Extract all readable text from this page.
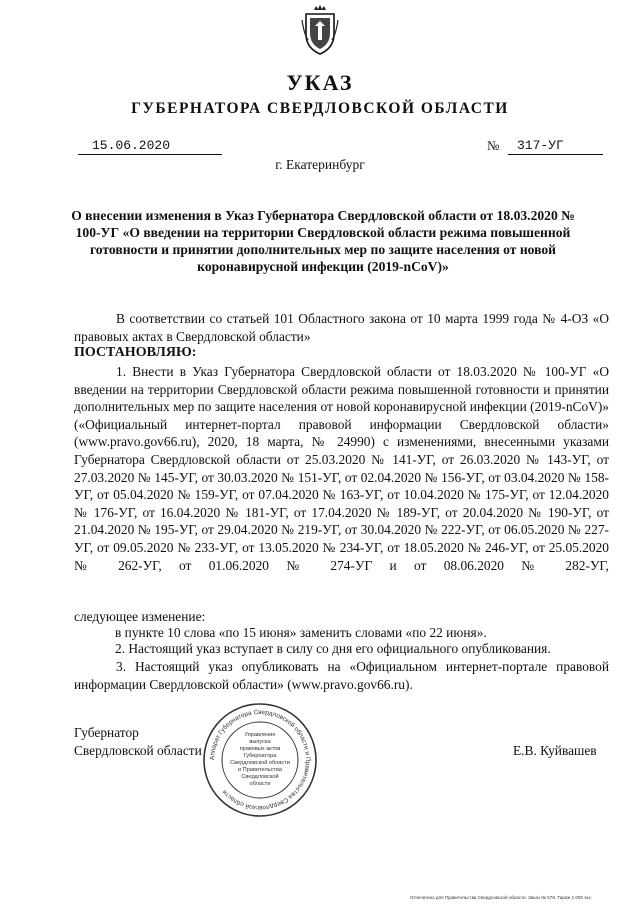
УКАЗ
ГУБЕРНАТОРА СВЕРДЛОВСКОЙ ОБЛАСТИ
15.06.2020	№ 317-УГ
г. Екатеринбург
О внесении изменения в Указ Губернатора Свердловской области от 18.03.2020 № 100-УГ «О введении на территории Свердловской области режима повышенной готовности и принятии дополнительных мер по защите населения от новой коронавирусной инфекции (2019-nCoV)»
В соответствии со статьей 101 Областного закона от 10 марта 1999 года № 4-ОЗ «О правовых актах в Свердловской области»
ПОСТАНОВЛЯЮ:
1. Внести в Указ Губернатора Свердловской области от 18.03.2020 № 100-УГ «О введении на территории Свердловской области режима повышенной готовности и принятии дополнительных мер по защите населения от новой коронавирусной инфекции (2019-nCoV)» («Официальный интернет-портал правовой информации Свердловской области» (www.pravo.gov66.ru), 2020, 18 марта, № 24990) с изменениями, внесенными указами Губернатора Свердловской области от 25.03.2020 № 141-УГ, от 26.03.2020 № 143-УГ, от 27.03.2020 № 145-УГ, от 30.03.2020 № 151-УГ, от 02.04.2020 № 156-УГ, от 03.04.2020 № 158-УГ, от 05.04.2020 № 159-УГ, от 07.04.2020 № 163-УГ, от 10.04.2020 № 175-УГ, от 12.04.2020 № 176-УГ, от 16.04.2020 № 181-УГ, от 17.04.2020 № 189-УГ, от 20.04.2020 № 190-УГ, от 21.04.2020 № 195-УГ, от 29.04.2020 № 219-УГ, от 30.04.2020 № 222-УГ, от 06.05.2020 № 227-УГ, от 09.05.2020 № 233-УГ, от 13.05.2020 № 234-УГ, от 18.05.2020 № 246-УГ, от 25.05.2020 № 262-УГ, от 01.06.2020 № 274-УГ и от 08.06.2020 № 282-УГ,
следующее изменение:
в пункте 10 слова «по 15 июня» заменить словами «по 22 июня».
2. Настоящий указ вступает в силу со дня его официального опубликования.
3. Настоящий указ опубликовать на «Официальном интернет-портале правовой информации Свердловской области» (www.pravo.gov66.ru).
Губернатор
Свердловской области	Е.В. Куйвашев
Аппарат Губернатора Свердловской области и Правительства Свердловской области
Управление
выпуска
правовых актов
Губернатора
Свердловской области
и Правительства
Свердловской
области
Отпечатано для Правительства Свердловской области. Заказ № 578. Тираж 1 000 экз.
